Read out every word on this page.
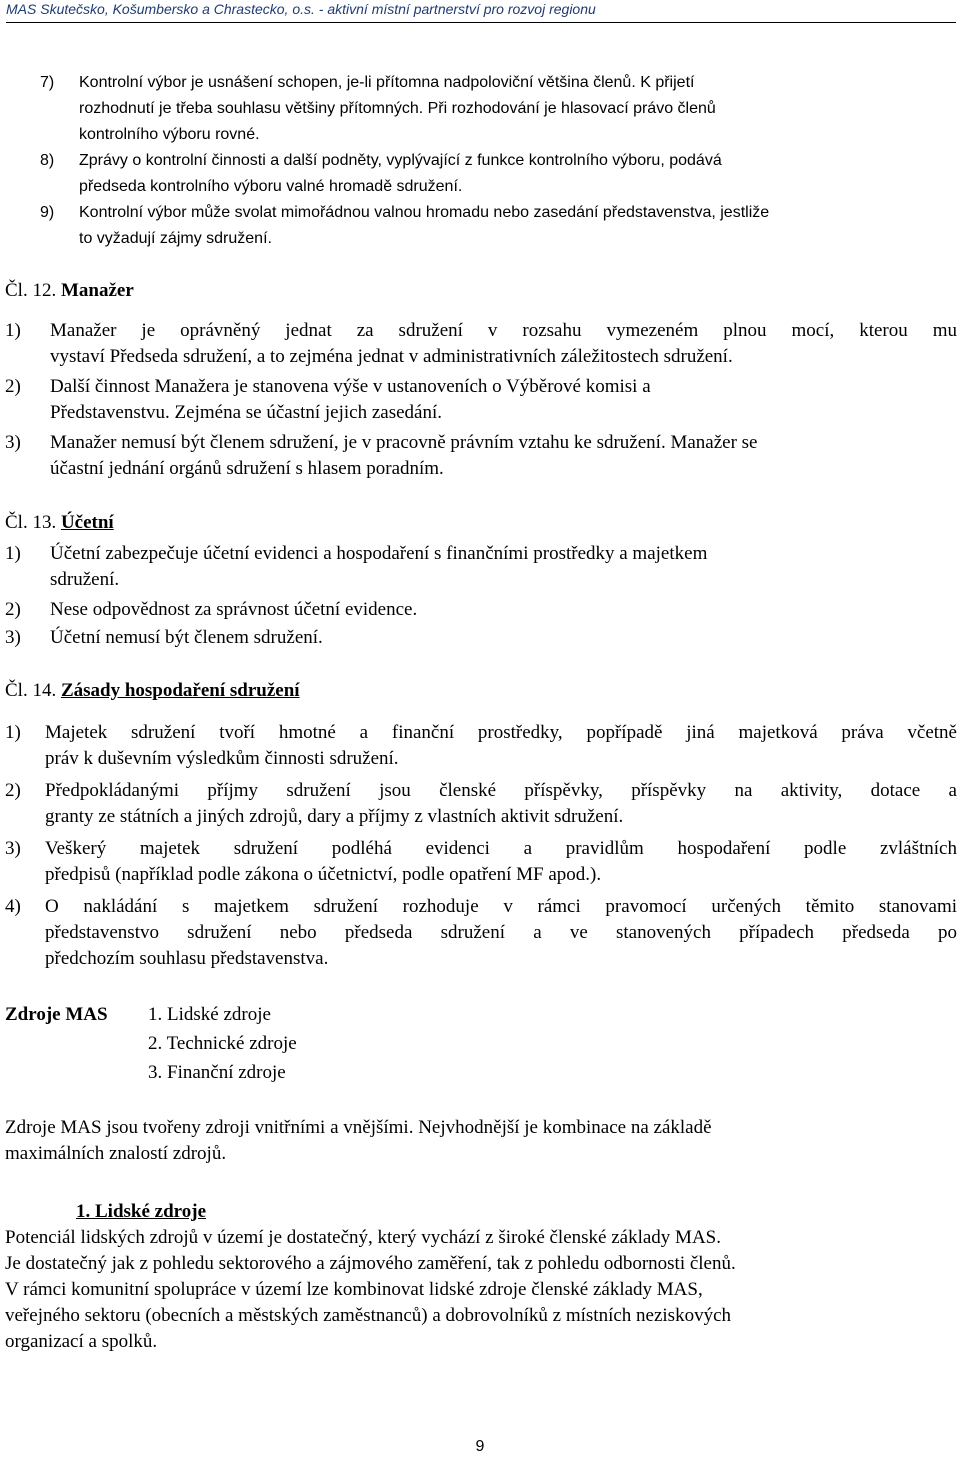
MAS Skutečsko, Košumbersko a Chrastecko, o.s. - aktivní místní partnerství pro rozvoj regionu
7) Kontrolní výbor je usnášení schopen, je-li přítomna nadpoloviční většina členů. K přijetí
rozhodnutí je třeba souhlasu většiny přítomných. Při rozhodování je hlasovací právo členů
kontrolního výboru rovné.
8) Zprávy o kontrolní činnosti a další podněty, vyplývající z funkce kontrolního výboru, podává
předseda kontrolního výboru valné hromadě sdružení.
9) Kontrolní výbor může svolat mimořádnou valnou hromadu nebo zasedání představenstva, jestliže
to vyžadují zájmy sdružení.
Čl. 12. Manažer
1) Manažer je oprávněný jednat za sdružení v rozsahu vymezeném plnou mocí, kterou mu
vystaví Předseda sdružení, a to zejména jednat v administrativních záležitostech sdružení.
2) Další činnost Manažera je stanovena výše v ustanoveních o Výběrové komisi a
Představenstvu. Zejména se účastní jejich zasedání.
3) Manažer nemusí být členem sdružení, je v pracovně právním vztahu ke sdružení. Manažer se
účastní jednání orgánů sdružení s hlasem poradním.
Čl. 13. Účetní
1) Účetní zabezpečuje účetní evidenci a hospodaření s finančními prostředky a majetkem
sdružení.
2) Nese odpovědnost za správnost účetní evidence.
3) Účetní nemusí být členem sdružení.
Čl. 14. Zásady hospodaření sdružení
1) Majetek sdružení tvoří hmotné a finanční prostředky, popřípadě jiná majetková práva včetně
práv k duševním výsledkům činnosti sdružení.
2) Předpokládanými příjmy sdružení jsou členské příspěvky, příspěvky na aktivity, dotace a
granty ze státních a jiných zdrojů, dary a příjmy z vlastních aktivit sdružení.
3) Veškerý majetek sdružení podléhá evidenci a pravidlům hospodaření podle zvláštních
předpisů (například podle zákona o účetnictví, podle opatření MF apod.).
4) O nakládání s majetkem sdružení rozhoduje v rámci pravomocí určených těmito stanovami
představenstvo sdružení nebo předseda sdružení a ve stanovených případech předseda po
předchozím souhlasu představenstva.
Zdroje MAS 1. Lidské zdroje
2. Technické zdroje
3. Finanční zdroje
Zdroje MAS jsou tvořeny zdroji vnitřními a vnějšími. Nejvhodnější je kombinace na základě
maximálních znalostí zdrojů.
1. Lidské zdroje
Potenciál lidských zdrojů v území je dostatečný, který vychází z široké členské základy MAS.
Je dostatečný jak z pohledu sektorového a zájmového zaměření, tak z pohledu odbornosti členů.
V rámci komunitní spolupráce v území lze kombinovat lidské zdroje členské základy MAS,
veřejného sektoru (obecních a městských zaměstnanců) a dobrovolníků z místních neziskových
organizací a spolků.
9
